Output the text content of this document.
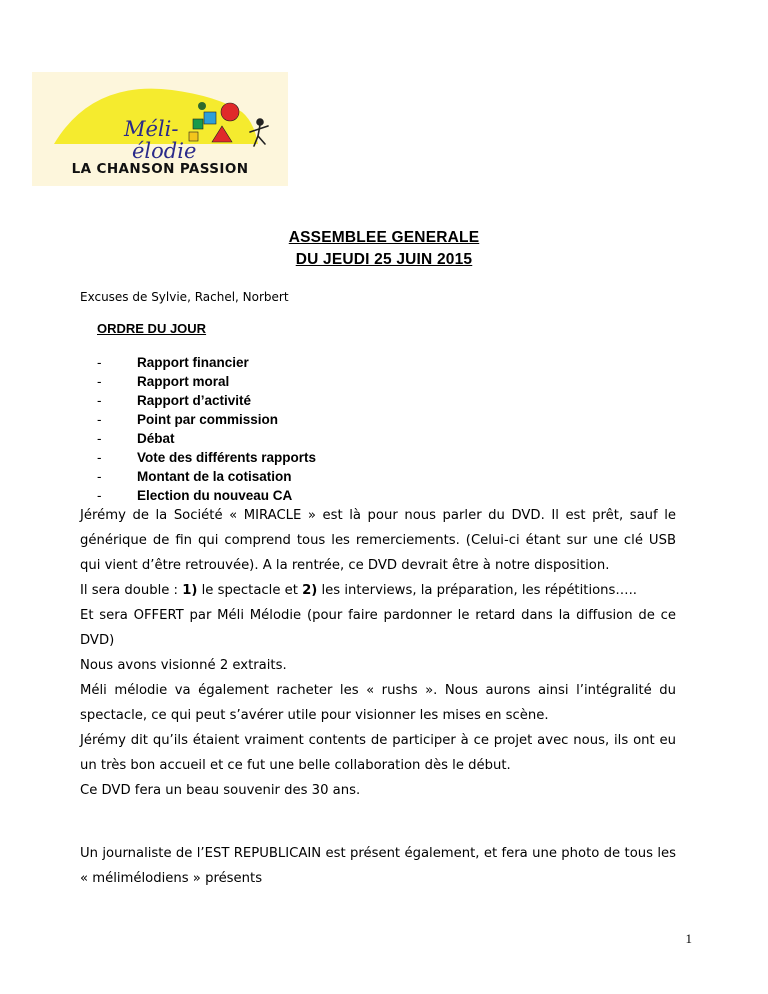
Méli-
élodie
LA CHANSON PASSION
ASSEMBLEE GENERALE
DU JEUDI 25 JUIN 2015
Excuses de Sylvie, Rachel, Norbert
ORDRE DU JOUR
-	Rapport financier
-	Rapport moral
-	Rapport d’activité
-	Point par commission
-	Débat
-	Vote des différents rapports
-	Montant de la cotisation
-	Election du nouveau CA

Jérémy de la Société « MIRACLE » est là pour nous parler du DVD. Il est prêt, sauf le générique de fin qui comprend tous les remerciements. (Celui-ci étant sur une clé USB qui vient d’être retrouvée). A la rentrée, ce DVD devrait être à notre disposition.

Il sera double : 1) le spectacle et 2) les interviews, la préparation, les répétitions…..

Et sera OFFERT par Méli Mélodie (pour faire pardonner le retard dans la diffusion de ce DVD)

Nous avons visionné 2 extraits.

Méli mélodie va également racheter les « rushs ». Nous aurons ainsi l’intégralité du spectacle, ce qui peut s’avérer utile pour visionner les mises en scène.

Jérémy dit qu’ils étaient vraiment contents de participer à ce projet avec nous, ils ont eu un très bon accueil et ce fut une belle collaboration dès le début.

Ce DVD fera un beau souvenir des 30 ans.

Un journaliste de l’EST REPUBLICAIN est présent également, et fera une photo de tous les « mélimélodiens » présents

1
